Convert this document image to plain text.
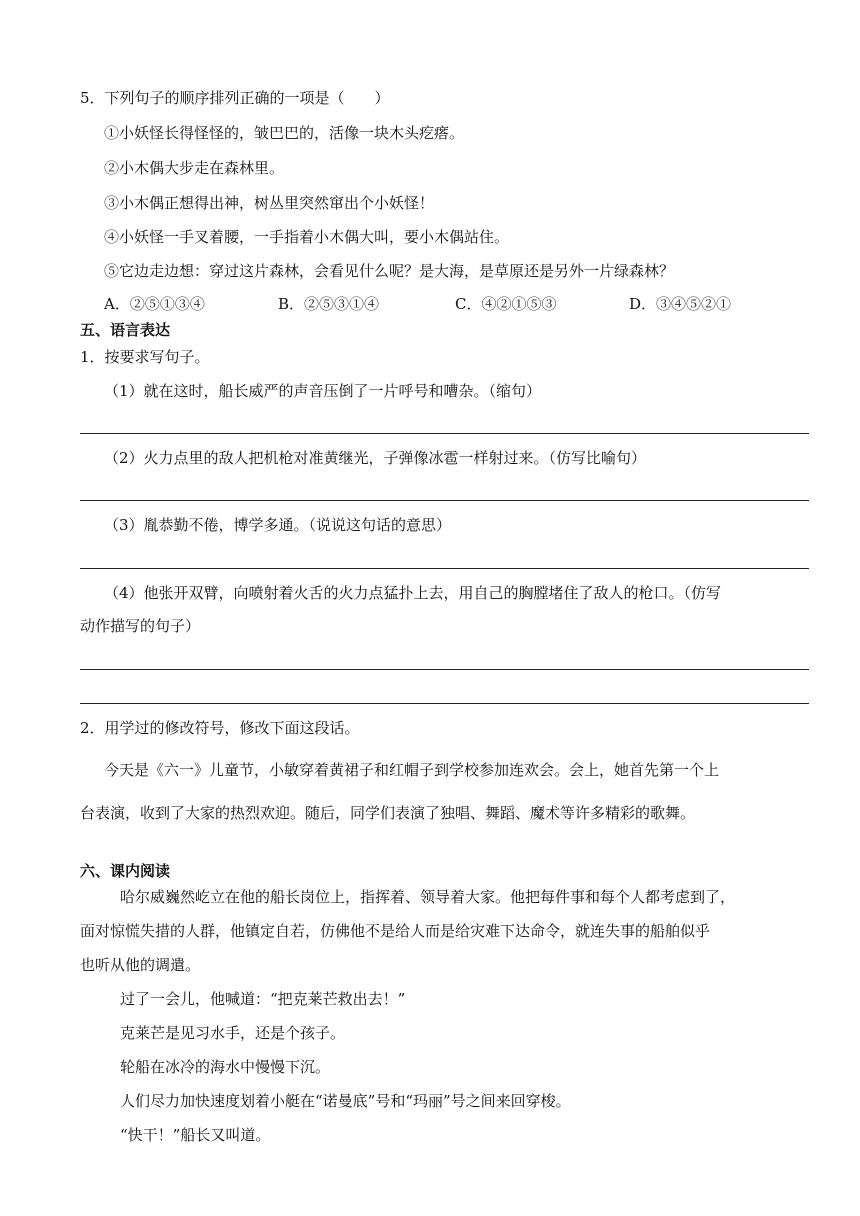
5．下列句子的顺序排列正确的一项是（　　）
①小妖怪长得怪怪的，皱巴巴的，活像一块木头疙瘩。
②小木偶大步走在森林里。
③小木偶正想得出神，树丛里突然窜出个小妖怪！
④小妖怪一手叉着腰，一手指着小木偶大叫，要小木偶站住。
⑤它边走边想：穿过这片森林，会看见什么呢？是大海，是草原还是另外一片绿森林？
A．②⑤①③④	B．②⑤③①④	C．④②①⑤③	D．③④⑤②①
五、语言表达
1．按要求写句子。
（1）就在这时，船长威严的声音压倒了一片呼号和嘈杂。（缩句）
（2）火力点里的敌人把机枪对准黄继光，子弹像冰雹一样射过来。（仿写比喻句）
（3）胤恭勤不倦，博学多通。（说说这句话的意思）
（4）他张开双臂，向喷射着火舌的火力点猛扑上去，用自己的胸膛堵住了敌人的枪口。（仿写
动作描写的句子）
2．用学过的修改符号，修改下面这段话。
今天是《六一》儿童节，小敏穿着黄裙子和红帽子到学校参加连欢会。会上，她首先第一个上
台表演，收到了大家的热烈欢迎。随后，同学们表演了独唱、舞蹈、魔术等许多精彩的歌舞。
六、课内阅读
哈尔威巍然屹立在他的船长岗位上，指挥着、领导着大家。他把每件事和每个人都考虑到了，
面对惊慌失措的人群，他镇定自若，仿佛他不是给人而是给灾难下达命令，就连失事的船舶似乎
也听从他的调遣。
过了一会儿，他喊道：“把克莱芒救出去！”
克莱芒是见习水手，还是个孩子。
轮船在冰冷的海水中慢慢下沉。
人们尽力加快速度划着小艇在“诺曼底”号和“玛丽”号之间来回穿梭。
“快干！”船长又叫道。
